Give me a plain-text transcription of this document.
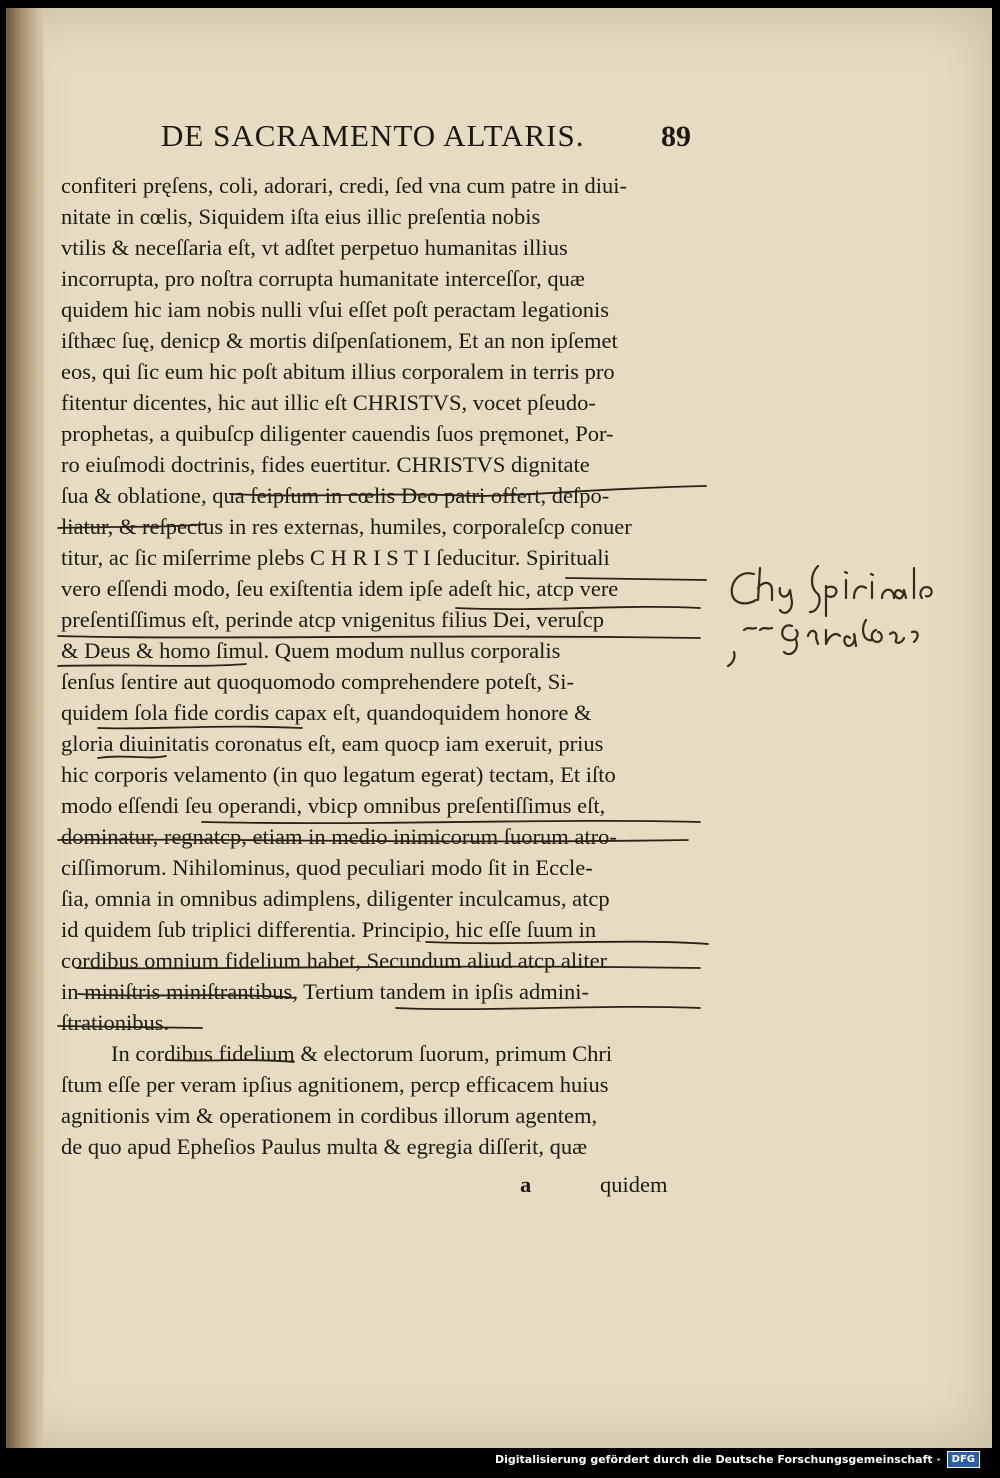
DE SACRAMENTO ALTARIS.	89
confiteri pręſens, coli, adorari, credi, ſed vna cum patre in diui-
nitate in cœlis, Siquidem iſta eius illic preſentia nobis
vtilis & neceſſaria eſt, vt adſtet perpetuo humanitas illius
incorrupta, pro noſtra corrupta humanitate interceſſor, quæ
quidem hic iam nobis nulli vſui eſſet poſt peractam legationis
iſthæc ſuę, denicp & mortis diſpenſationem, Et an non ipſemet
eos, qui ſic eum hic poſt abitum illius corporalem in terris pro
fitentur dicentes, hic aut illic eſt CHRISTVS, vocet pſeudo-
prophetas, a quibuſcp diligenter cauendis ſuos pręmonet, Por-
ro eiuſmodi doctrinis, fides euertitur. CHRISTVS dignitate
ſua & oblatione, qua ſeipſum in cœlis Deo patri offert, deſpo-
liatur, & reſpectus in res externas, humiles, corporaleſcp conuer
titur, ac ſic miſerrime plebs C H R I S T I ſeducitur. Spirituali
vero eſſendi modo, ſeu exiſtentia idem ipſe adeſt hic, atcp vere
preſentiſſimus eſt, perinde atcp vnigenitus filius Dei, veruſcp
& Deus & homo ſimul. Quem modum nullus corporalis
ſenſus ſentire aut quoquomodo comprehendere poteſt, Si-
quidem ſola fide cordis capax eſt, quandoquidem honore &
gloria diuinitatis coronatus eſt, eam quocp iam exeruit, prius
hic corporis velamento (in quo legatum egerat) tectam, Et iſto
modo eſſendi ſeu operandi, vbicp omnibus preſentiſſimus eſt,
dominatur, regnatcp, etiam in medio inimicorum ſuorum atro-
ciſſimorum. Nihilominus, quod peculiari modo ſit in Eccle-
ſia, omnia in omnibus adimplens, diligenter inculcamus, atcp
id quidem ſub triplici differentia. Principio, hic eſſe ſuum in
cordibus omnium fidelium habet, Secundum aliud atcp aliter
in miniſtris miniſtrantibus, Tertium tandem in ipſis admini-
ſtrationibus.
In cordibus fidelium & electorum ſuorum, primum Chri
ſtum eſſe per veram ipſius agnitionem, percp efficacem huius
agnitionis vim & operationem in cordibus illorum agentem,
de quo apud Epheſios Paulus multa & egregia diſſerit, quæ
a	quidem
Digitalisierung gefördert durch die Deutsche Forschungsgemeinschaft ·	DFG
